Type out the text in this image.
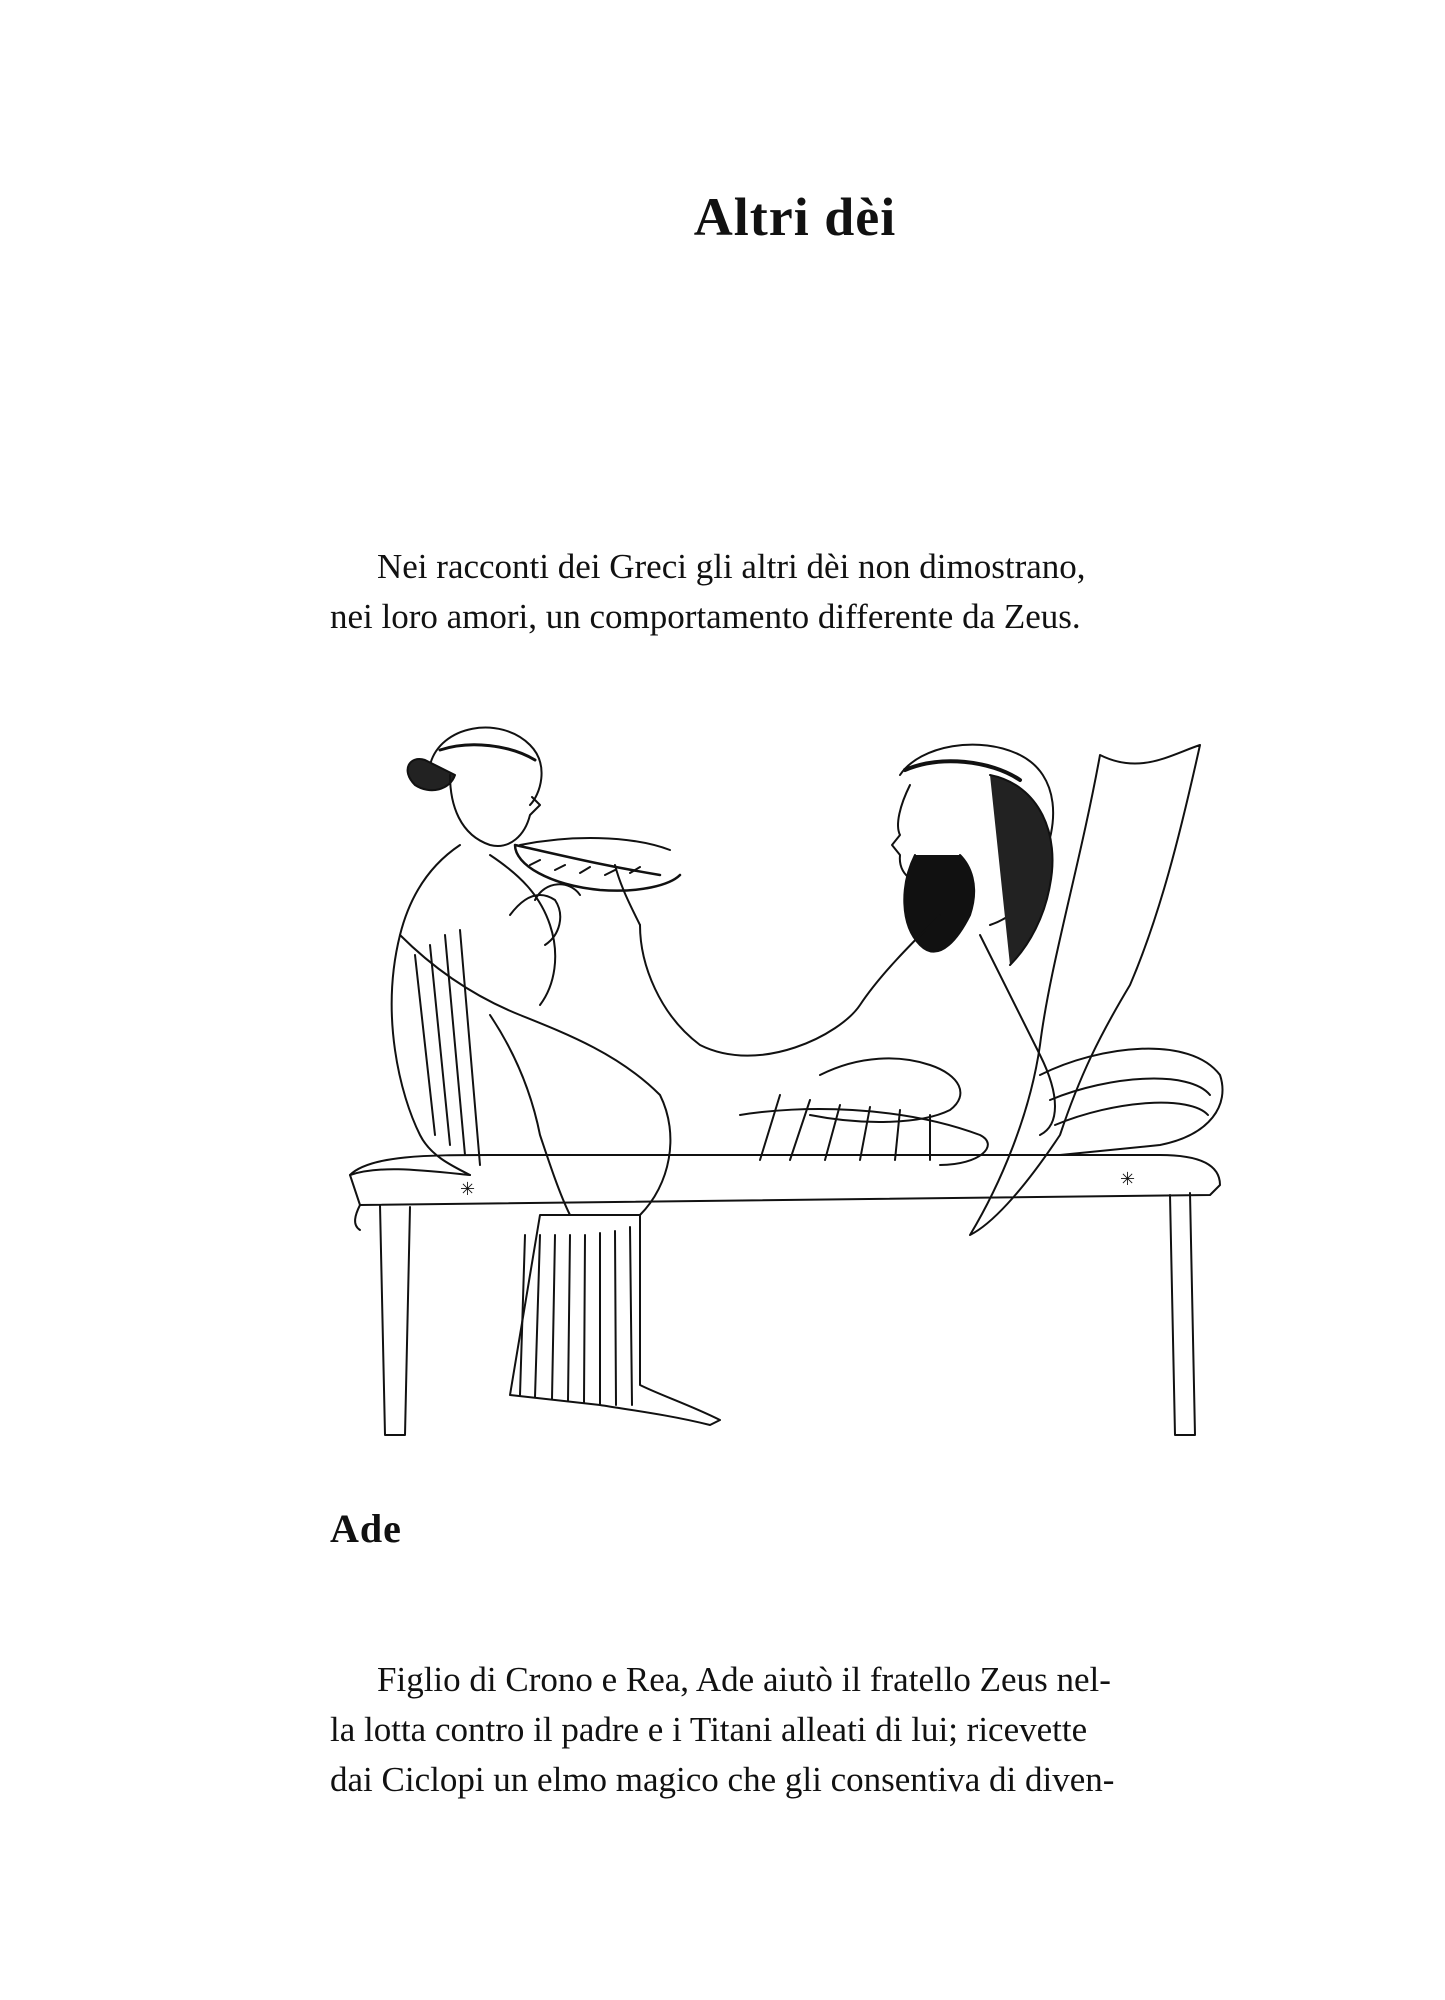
Altri dèi

Nei racconti dei Greci gli altri dèi non dimostrano,
nei loro amori, un comportamento differente da Zeus.

✳	✳
Ade

Figlio di Crono e Rea, Ade aiutò il fratello Zeus nel-
la lotta contro il padre e i Titani alleati di lui; ricevette
dai Ciclopi un elmo magico che gli consentiva di diven-
